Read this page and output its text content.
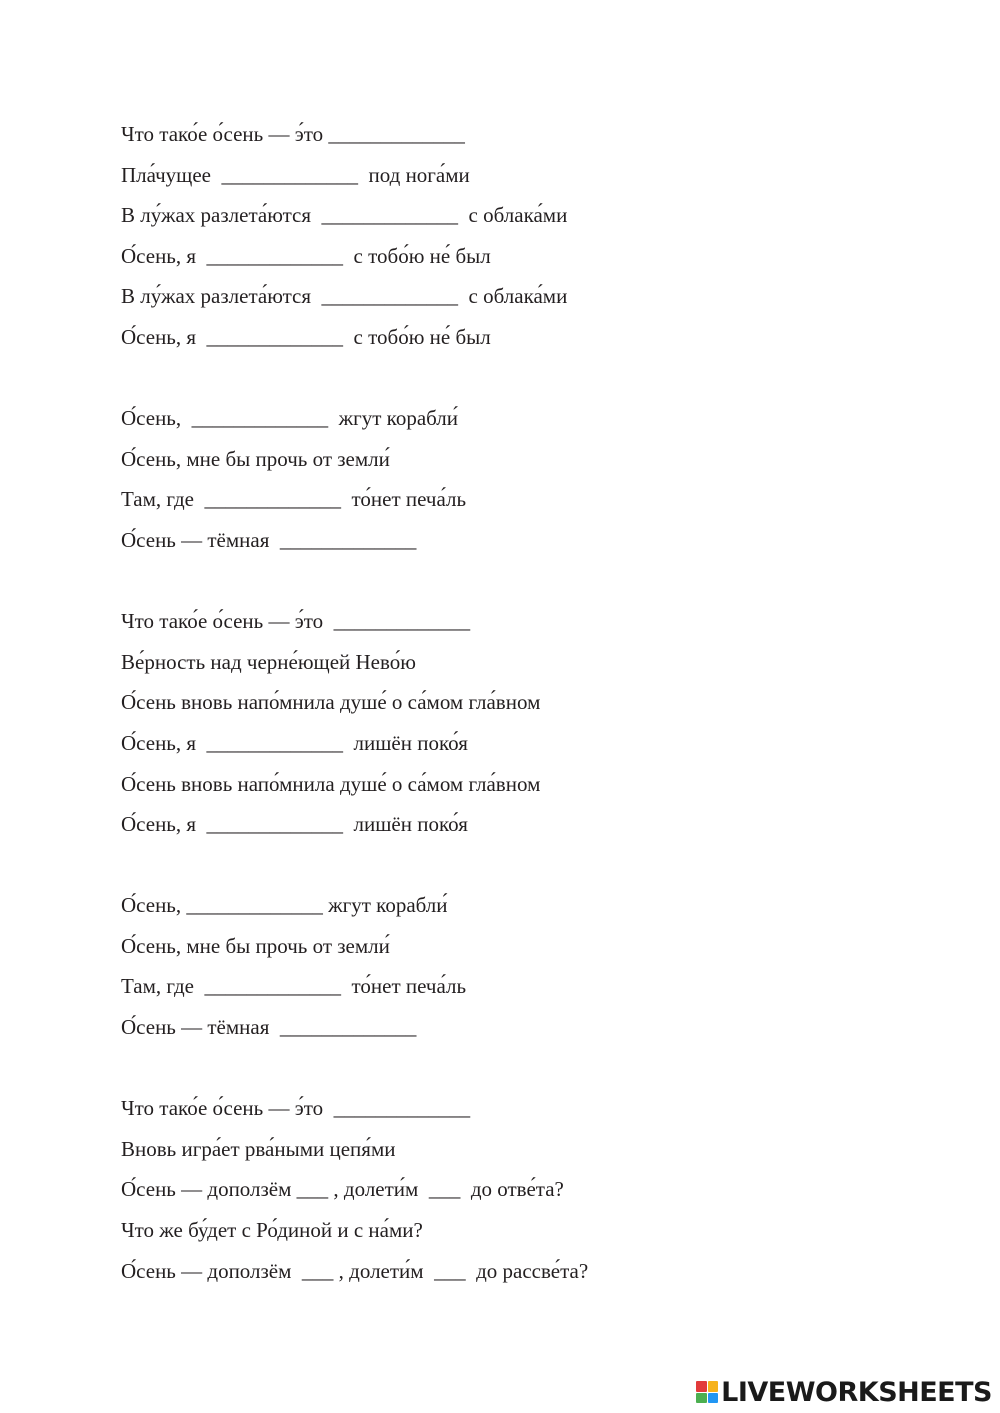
Что тако́е о́сень — э́то _____________
Пла́чущее  _____________  под нога́ми
В лу́жах разлета́ются  _____________  с облака́ми
О́сень, я  _____________  с тобо́ю не́ был
В лу́жах разлета́ются  _____________  с облака́ми
О́сень, я  _____________  с тобо́ю не́ был
О́сень,  _____________  жгут корабли́
О́сень, мне бы прочь от земли́
Там, где  _____________  то́нет печа́ль
О́сень — тёмная  _____________
Что тако́е о́сень — э́то  _____________
Ве́рность над черне́ющей Нево́ю
О́сень вновь напо́мнила душе́ о са́мом гла́вном
О́сень, я  _____________  лишён поко́я
О́сень вновь напо́мнила душе́ о са́мом гла́вном
О́сень, я  _____________  лишён поко́я
О́сень, _____________ жгут корабли́
О́сень, мне бы прочь от земли́
Там, где  _____________  то́нет печа́ль
О́сень — тёмная  _____________
Что тако́е о́сень — э́то  _____________
Вновь игра́ет рва́ными цепя́ми
О́сень — доползём ___ , долети́м  ___  до отве́та?
Что же бу́дет с Ро́диной и с на́ми?
О́сень — доползём  ___ , долети́м  ___  до рассве́та?
LIVEWORKSHEETS
